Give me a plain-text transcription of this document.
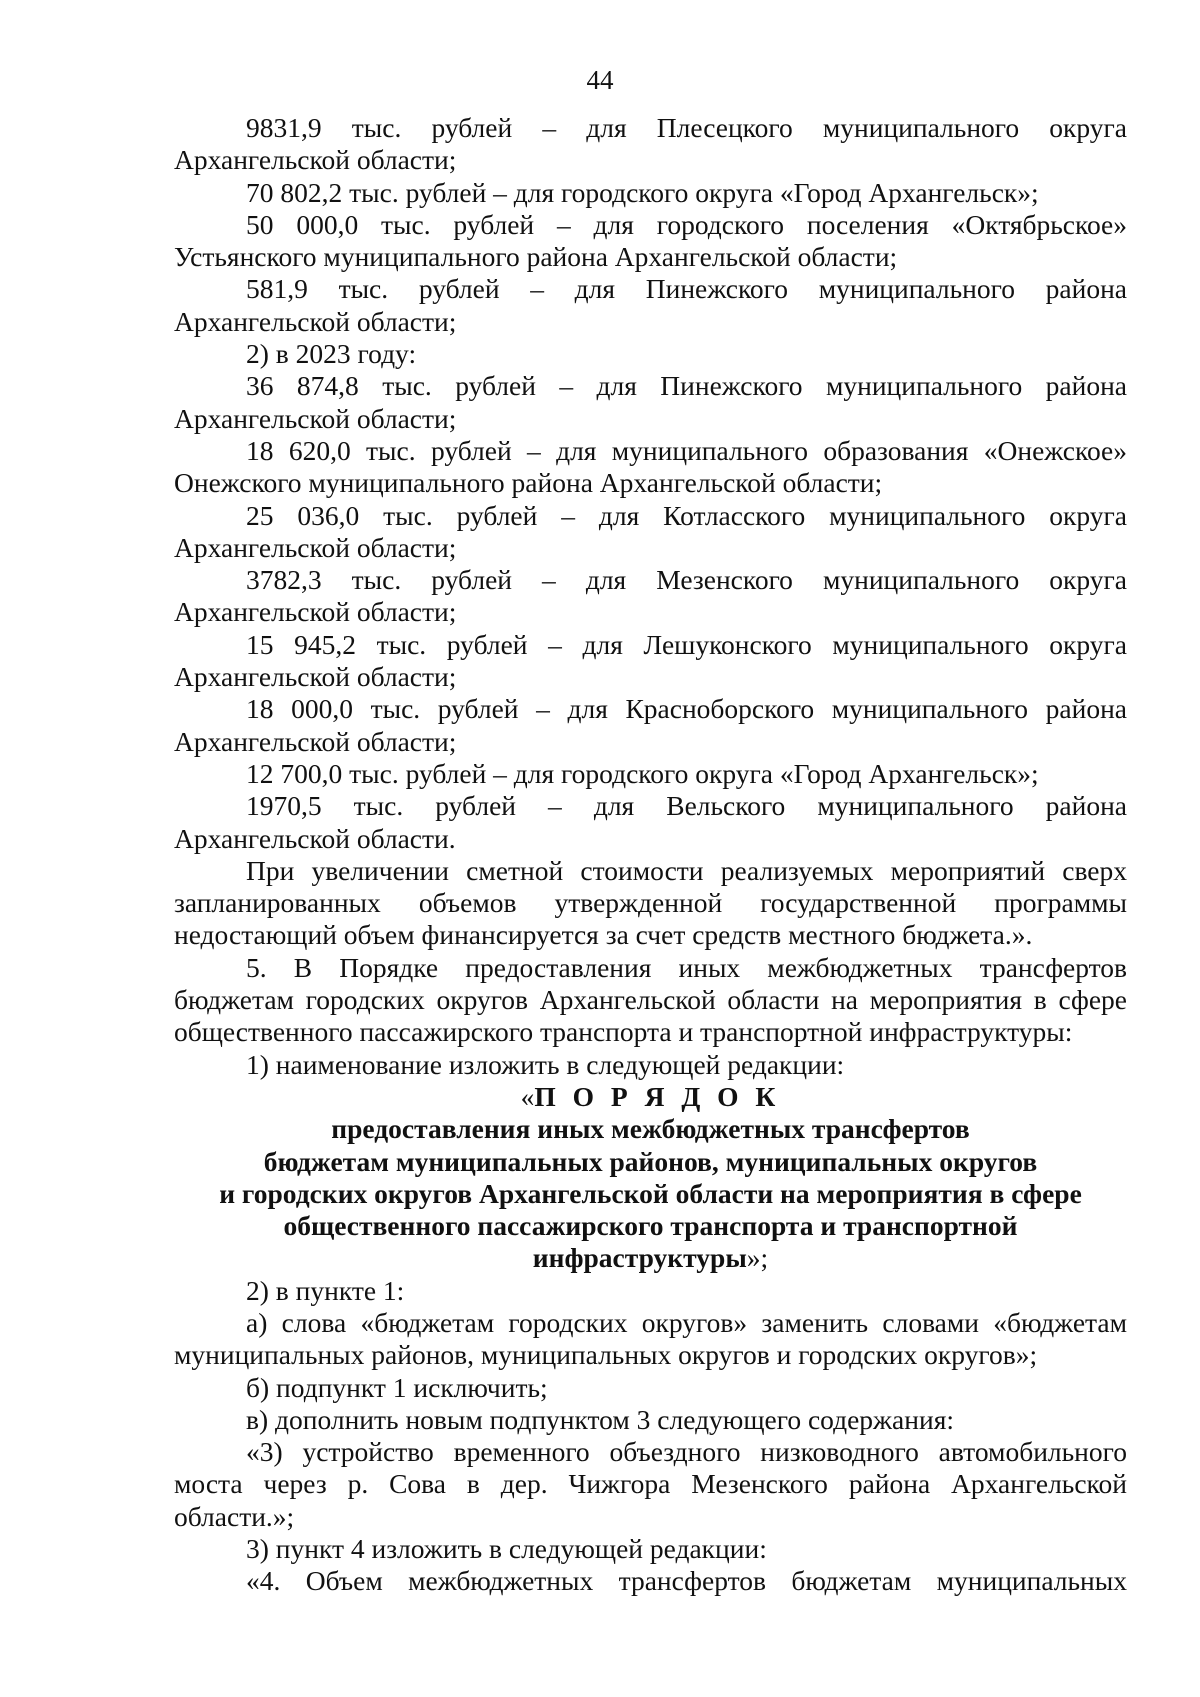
44

9831,9 тыс. рублей – для Плесецкого муниципального округа Архангельской области;

70 802,2 тыс. рублей – для городского округа «Город Архангельск»;

50 000,0 тыс. рублей – для городского поселения «Октябрьское» Устьянского муниципального района Архангельской области;

581,9 тыс. рублей – для Пинежского муниципального района Архангельской области;

2) в 2023 году:

36 874,8 тыс. рублей – для Пинежского муниципального района Архангельской области;

18 620,0 тыс. рублей – для муниципального образования «Онежское» Онежского муниципального района Архангельской области;

25 036,0 тыс. рублей – для Котласского муниципального округа Архангельской области;

3782,3 тыс. рублей – для Мезенского муниципального округа Архангельской области;

15 945,2 тыс. рублей – для Лешуконского муниципального округа Архангельской области;

18 000,0 тыс. рублей – для Красноборского муниципального района Архангельской области;

12 700,0 тыс. рублей – для городского округа «Город Архангельск»;

1970,5 тыс. рублей – для Вельского муниципального района Архангельской области.

При увеличении сметной стоимости реализуемых мероприятий сверх запланированных объемов утвержденной государственной программы недостающий объем финансируется за счет средств местного бюджета.».

5. В Порядке предоставления иных межбюджетных трансфертов бюджетам городских округов Архангельской области на мероприятия в сфере общественного пассажирского транспорта и транспортной инфраструктуры:

1) наименование изложить в следующей редакции:

«П О Р Я Д О К

предоставления иных межбюджетных трансфертов

бюджетам муниципальных районов, муниципальных округов

и городских округов Архангельской области на мероприятия в сфере

общественного пассажирского транспорта и транспортной

инфраструктуры»;

2) в пункте 1:

а) слова «бюджетам городских округов» заменить словами «бюджетам муниципальных районов, муниципальных округов и городских округов»;

б) подпункт 1 исключить;

в) дополнить новым подпунктом 3 следующего содержания:

«3) устройство временного объездного низководного автомобильного моста через р. Сова в дер. Чижгора Мезенского района Архангельской области.»;

3) пункт 4 изложить в следующей редакции:

«4. Объем межбюджетных трансфертов бюджетам муниципальных
